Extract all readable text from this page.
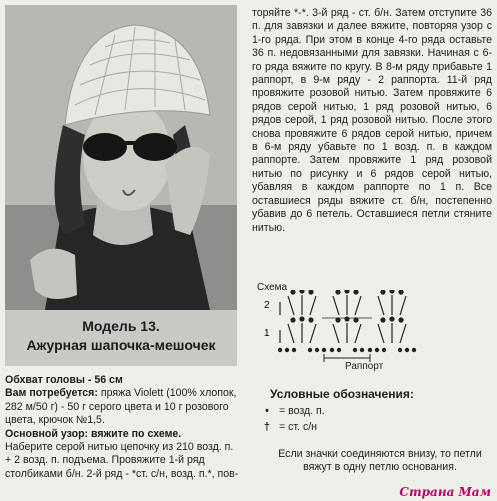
Модель 13.
Ажурная шапочка-мешочек

Обхват головы - 56 см

Вам потребуется: пряжа Violett (100% хлопок, 282 м/50 г) - 50 г серого цвета и 10 г розового цвета, крючок №1,5.

Основной узор: вяжите по схеме.

Наберите серой нитью цепочку из 210 возд. п. + 2 возд. п. подъема. Провяжите 1-й ряд столбиками б/н. 2-й ряд - *ст. с/н, возд. п.*, пов-

торяйте *-*. 3-й ряд - ст. б/н. Затем отступите 36 п. для завязки и далее вяжите, повторяя узор с 1-го ряда. При этом в конце 4-го ряда оставьте 36 п. недовязанными для завязки. Начиная с 6-го ряда вяжите по кругу. В 8-м ряду прибавьте 1 раппорт, в 9-м ряду - 2 раппорта. 11-й ряд провяжите розовой нитью. Затем провяжите 6 рядов серой нитью, 1 ряд розовой нитью, 6 рядов серой, 1 ряд розовой нитью. После этого снова провяжите 6 рядов серой нитью, причем в 6-м ряду убавьте по 1 возд. п. в каждом раппорте. Затем провяжите 1 ряд розовой нитью по рисунку и 6 рядов серой нитью, убавляя в каждом раппорте по 1 п. Все оставшиеся ряды вяжите ст. б/н, постепенно убавив до 6 петель. Оставшиеся петли стяните нитью.
Схема
2
1
Раппорт
Условные обозначения:
• = возд. п.
† = ст. с/н
Если значки соединяются внизу, то петли вяжут в одну петлю основания.
Страна Мам
